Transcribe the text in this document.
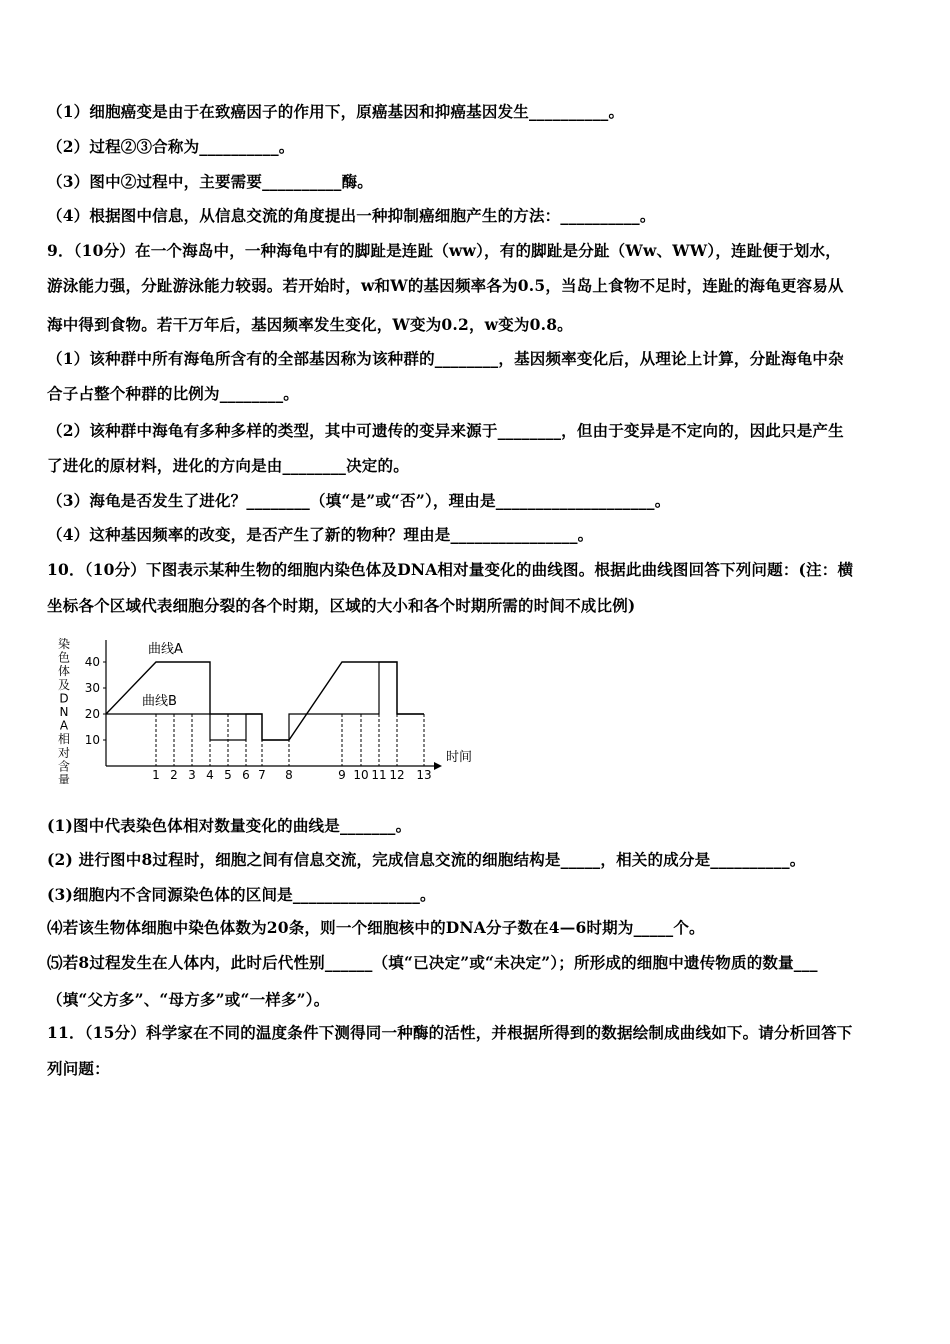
（1）细胞癌变是由于在致癌因子的作用下，原癌基因和抑癌基因发生__________。
（2）过程②③合称为__________。
（3）图中②过程中，主要需要__________酶。
（4）根据图中信息，从信息交流的角度提出一种抑制癌细胞产生的方法：__________。
9．（10分）在一个海岛中，一种海龟中有的脚趾是连趾（ww），有的脚趾是分趾（Ww、WW），连趾便于划水，
游泳能力强，分趾游泳能力较弱。若开始时，w和W的基因频率各为0.5，当岛上食物不足时，连趾的海龟更容易从
海中得到食物。若干万年后，基因频率发生变化，W变为0.2，w变为0.8。
（1）该种群中所有海龟所含有的全部基因称为该种群的________，基因频率变化后，从理论上计算，分趾海龟中杂
合子占整个种群的比例为________。
（2）该种群中海龟有多种多样的类型，其中可遗传的变异来源于________，但由于变异是不定向的，因此只是产生
了进化的原材料，进化的方向是由________决定的。
（3）海龟是否发生了进化？________（填“是”或“否”），理由是____________________。
（4）这种基因频率的改变，是否产生了新的物种？理由是________________。
10．（10分）下图表示某种生物的细胞内染色体及DNA相对量变化的曲线图。根据此曲线图回答下列问题：(注：横
坐标各个区域代表细胞分裂的各个时期，区域的大小和各个时期所需的时间不成比例)
染色体及 D N A 相对含量
10
20
30
40
1 2 3 4 5 6 7 8	9 10 11 12 13
时间
曲线A
曲线B
(1)图中代表染色体相对数量变化的曲线是_______。
(2) 进行图中8过程时，细胞之间有信息交流，完成信息交流的细胞结构是_____，相关的成分是__________。
(3)细胞内不含同源染色体的区间是________________。
⑷若该生物体细胞中染色体数为20条，则一个细胞核中的DNA分子数在4—6时期为_____个。
⑸若8过程发生在人体内，此时后代性别______（填“已决定”或“未决定”）；所形成的细胞中遗传物质的数量___
（填“父方多”、“母方多”或“一样多”）。
11．（15分）科学家在不同的温度条件下测得同一种酶的活性，并根据所得到的数据绘制成曲线如下。请分析回答下
列问题：
